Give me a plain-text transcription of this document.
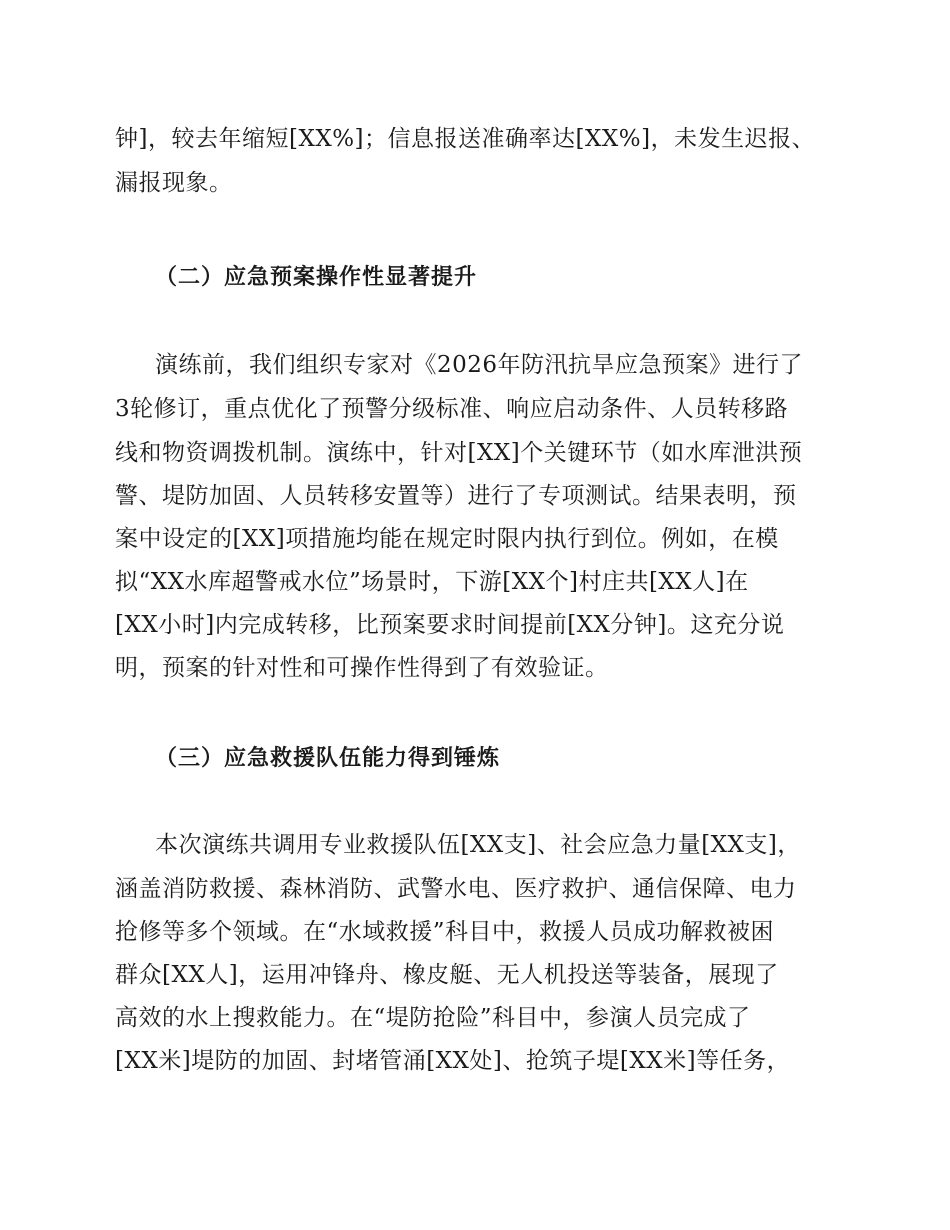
钟]，较去年缩短[XX%]；信息报送准确率达[XX%]，未发生迟报、
漏报现象。
（二）应急预案操作性显著提升
演练前，我们组织专家对《2026年防汛抗旱应急预案》进行了
3轮修订，重点优化了预警分级标准、响应启动条件、人员转移路
线和物资调拨机制。演练中，针对[XX]个关键环节（如水库泄洪预
警、堤防加固、人员转移安置等）进行了专项测试。结果表明，预
案中设定的[XX]项措施均能在规定时限内执行到位。例如，在模
拟“XX水库超警戒水位”场景时，下游[XX个]村庄共[XX人]在
[XX小时]内完成转移，比预案要求时间提前[XX分钟]。这充分说
明，预案的针对性和可操作性得到了有效验证。
（三）应急救援队伍能力得到锤炼
本次演练共调用专业救援队伍[XX支]、社会应急力量[XX支]，
涵盖消防救援、森林消防、武警水电、医疗救护、通信保障、电力
抢修等多个领域。在“水域救援”科目中，救援人员成功解救被困
群众[XX人]，运用冲锋舟、橡皮艇、无人机投送等装备，展现了
高效的水上搜救能力。在“堤防抢险”科目中，参演人员完成了
[XX米]堤防的加固、封堵管涌[XX处]、抢筑子堤[XX米]等任务，
